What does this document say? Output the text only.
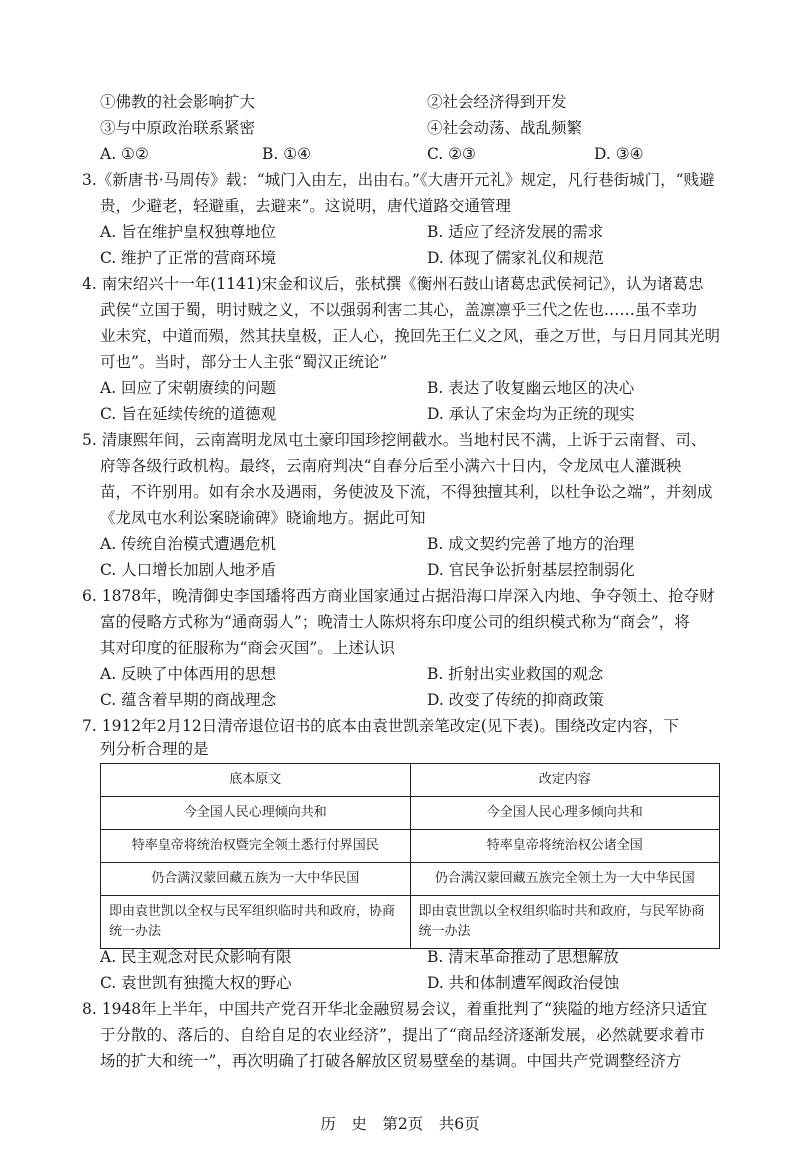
①佛教的社会影响扩大	②社会经济得到开发
③与中原政治联系紧密	④社会动荡、战乱频繁
A. ①②	B. ①④	C. ②③	D. ③④
3.《新唐书·马周传》载：“城门入由左，出由右。”《大唐开元礼》规定，凡行巷街城门，“贱避
贵，少避老，轻避重，去避来”。这说明，唐代道路交通管理
A. 旨在维护皇权独尊地位	B. 适应了经济发展的需求
C. 维护了正常的营商环境	D. 体现了儒家礼仪和规范
4. 南宋绍兴十一年(1141)宋金和议后，张栻撰《衡州石鼓山诸葛忠武侯祠记》，认为诸葛忠
武侯“立国于蜀，明讨贼之义，不以强弱利害二其心，盖凛凛乎三代之佐也……虽不幸功
业未究，中道而殒，然其扶皇极，正人心，挽回先王仁义之风，垂之万世，与日月同其光明
可也”。当时，部分士人主张“蜀汉正统论”
A. 回应了宋朝赓续的问题	B. 表达了收复幽云地区的决心
C. 旨在延续传统的道德观	D. 承认了宋金均为正统的现实
5. 清康熙年间，云南嵩明龙凤屯土豪印国珍挖闸截水。当地村民不满，上诉于云南督、司、
府等各级行政机构。最终，云南府判决“自春分后至小满六十日内，令龙凤屯人灌溉秧
苗，不许别用。如有余水及遇雨，务使波及下流，不得独擅其利，以杜争讼之端”，并刻成
《龙凤屯水利讼案晓谕碑》晓谕地方。据此可知
A. 传统自治模式遭遇危机	B. 成文契约完善了地方的治理
C. 人口增长加剧人地矛盾	D. 官民争讼折射基层控制弱化
6. 1878年，晚清御史李国璠将西方商业国家通过占据沿海口岸深入内地、争夺领土、抢夺财
富的侵略方式称为“通商弱人”；晚清士人陈炽将东印度公司的组织模式称为“商会”，将
其对印度的征服称为“商会灭国”。上述认识
A. 反映了中体西用的思想	B. 折射出实业救国的观念
C. 蕴含着早期的商战理念	D. 改变了传统的抑商政策
7. 1912年2月12日清帝退位诏书的底本由袁世凯亲笔改定(见下表)。围绕改定内容，下
列分析合理的是
底本原文	改定内容
今全国人民心理倾向共和	今全国人民心理多倾向共和
特率皇帝将统治权暨完全领土悉行付界国民	特率皇帝将统治权公诸全国
仍合满汉蒙回藏五族为一大中华民国	仍合满汉蒙回藏五族完全领土为一大中华民国
即由袁世凯以全权与民军组织临时共和政府，协商统一办法	即由袁世凯以全权组织临时共和政府，与民军协商统一办法
A. 民主观念对民众影响有限	B. 清末革命推动了思想解放
C. 袁世凯有独揽大权的野心	D. 共和体制遭军阀政治侵蚀
8. 1948年上半年，中国共产党召开华北金融贸易会议，着重批判了“狭隘的地方经济只适宜
于分散的、落后的、自给自足的农业经济”，提出了“商品经济逐渐发展，必然就要求着市
场的扩大和统一”，再次明确了打破各解放区贸易壁垒的基调。中国共产党调整经济方
历　史　第2页　共6页
